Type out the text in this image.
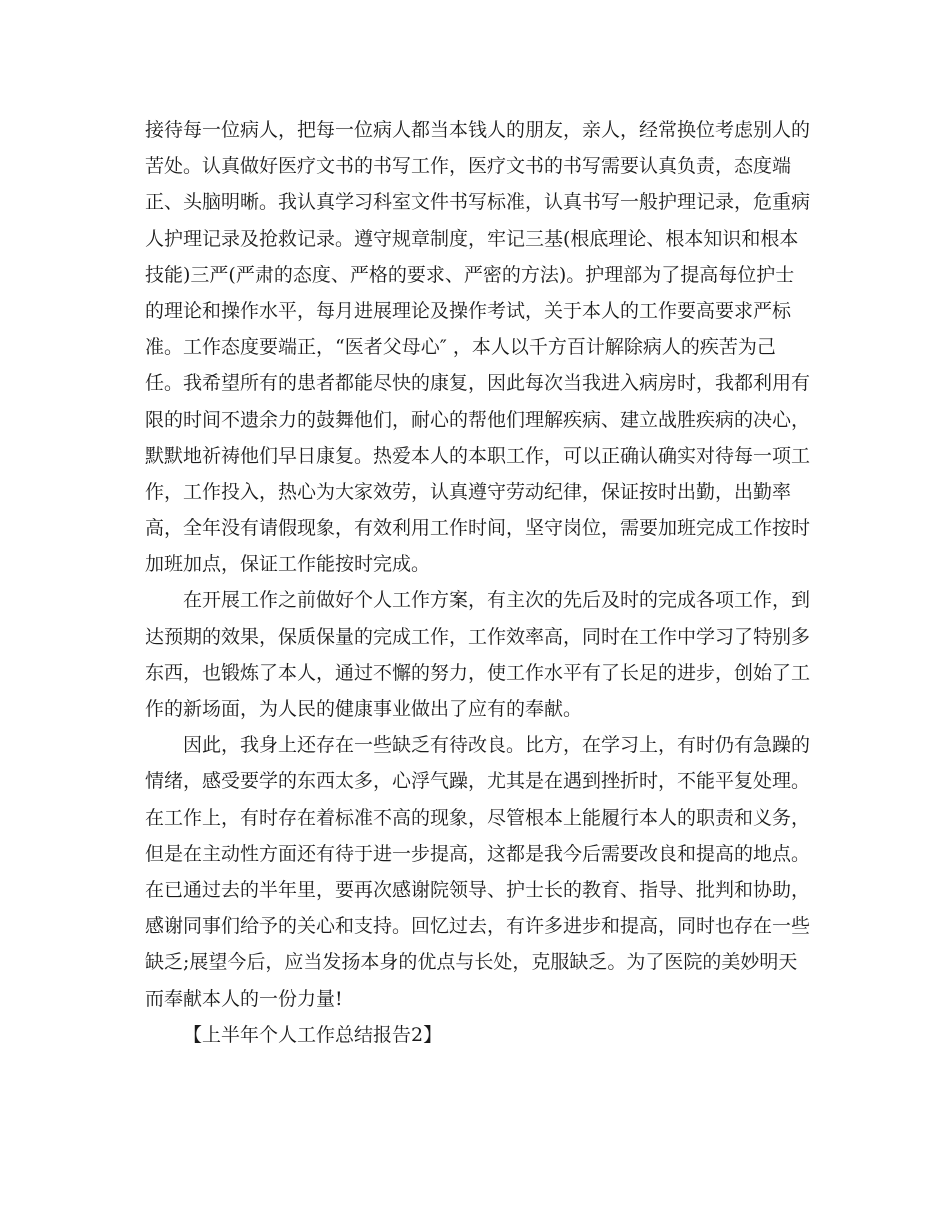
接待每一位病人，把每一位病人都当本钱人的朋友，亲人，经常换位考虑别人的
苦处。认真做好医疗文书的书写工作，医疗文书的书写需要认真负责，态度端
正、头脑明晰。我认真学习科室文件书写标准，认真书写一般护理记录，危重病
人护理记录及抢救记录。遵守规章制度，牢记三基(根底理论、根本知识和根本
技能)三严(严肃的态度、严格的要求、严密的方法)。护理部为了提高每位护士
的理论和操作水平，每月进展理论及操作考试，关于本人的工作要高要求严标
准。工作态度要端正，“医者父母心″ ，本人以千方百计解除病人的疾苦为己
任。我希望所有的患者都能尽快的康复，因此每次当我进入病房时，我都利用有
限的时间不遗余力的鼓舞他们，耐心的帮他们理解疾病、建立战胜疾病的决心，
默默地祈祷他们早日康复。热爱本人的本职工作，可以正确认确实对待每一项工
作，工作投入，热心为大家效劳，认真遵守劳动纪律，保证按时出勤，出勤率
高，全年没有请假现象，有效利用工作时间，坚守岗位，需要加班完成工作按时
加班加点，保证工作能按时完成。
在开展工作之前做好个人工作方案，有主次的先后及时的完成各项工作，到
达预期的效果，保质保量的完成工作，工作效率高，同时在工作中学习了特别多
东西，也锻炼了本人，通过不懈的努力，使工作水平有了长足的进步，创始了工
作的新场面，为人民的健康事业做出了应有的奉献。
因此，我身上还存在一些缺乏有待改良。比方，在学习上，有时仍有急躁的
情绪，感受要学的东西太多，心浮气躁，尤其是在遇到挫折时，不能平复处理。
在工作上，有时存在着标准不高的现象，尽管根本上能履行本人的职责和义务，
但是在主动性方面还有待于进一步提高，这都是我今后需要改良和提高的地点。
在已通过去的半年里，要再次感谢院领导、护士长的教育、指导、批判和协助，
感谢同事们给予的关心和支持。回忆过去，有许多进步和提高，同时也存在一些
缺乏;展望今后，应当发扬本身的优点与长处，克服缺乏。为了医院的美妙明天
而奉献本人的一份力量!
【上半年个人工作总结报告2】
